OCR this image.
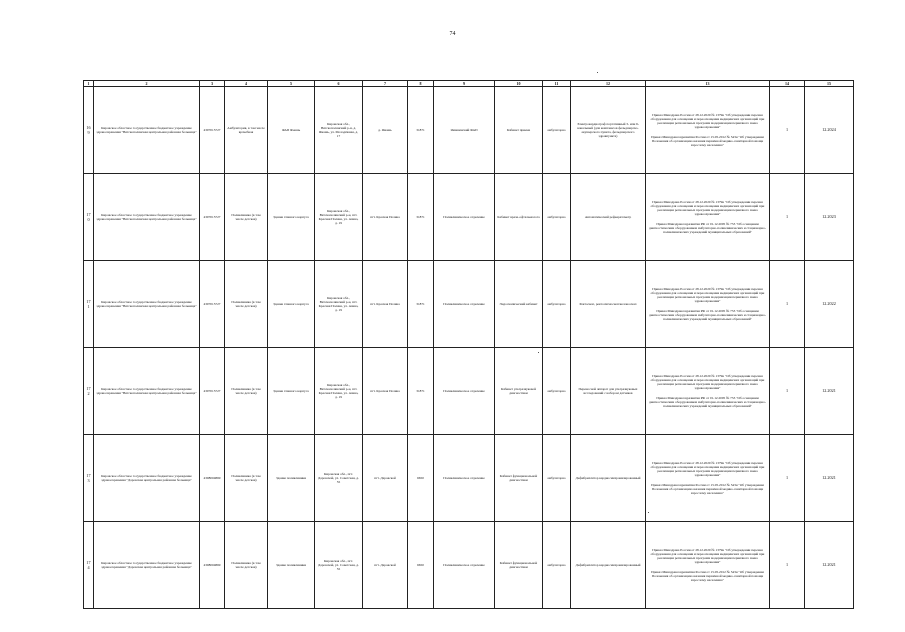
74
1	2	3	4	5	6	7	8	9	10	11	12	13	14	15
169	Кировское областное государственное бюджетное учреждение здравоохранения "Вятскополянская центральная районная больница"	4307015727	Амбулатория, в том числе врачебная	ФАП Ямашь	Кировская обл., Вятскополянский р-н, д. Ямашь, ул. Молодёжная, д. 17	д. Ямашь	31871	Ямашинский ФАП	Кабинет приема	амбулаторно	Электрокардиограф портативный 3- или 6-канальный (для комплексов фельдшерско-акушерского пункта, фельдшерского здравпункта)	Приказ Минздрава России от 28.12.2020 № 1379н "Об утверждении перечня оборудования для оснащения и переоснащения медицинских организаций при реализации региональных программ модернизации первичного звена здравоохранения"
Приказ Минздравсоцразвития России от 15.05.2012 № 543н "Об утверждении Положения об организации оказания первичной медико-санитарной помощи взрослому населению"	1	12.2024
170	Кировское областное государственное бюджетное учреждение здравоохранения "Вятскополянская центральная районная больница"	4307015727	Поликлиника (в том числе детская)	Здание главного корпуса	Кировская обл., Вятскополянский р-н, пгт. Красная Поляна, ул. Азина, д. 19	пгт. Красная Поляна	31871	Поликлиническое отделение	Кабинет врача-офтальмолога	амбулаторно	Автоматический рефкератометр	Приказ Минздрава России от 28.12.2020 № 1379н "Об утверждении перечня оборудования для оснащения и переоснащения медицинских организаций при реализации региональных программ модернизации первичного звена здравоохранения"
Приказ Минздравсоцразвития РФ от 01.12.2005 № 753 "Об оснащении диагностическим оборудованием амбулаторно-поликлинических и стационарно-поликлинических учреждений муниципальных образований"	1	12.2023
171	Кировское областное государственное бюджетное учреждение здравоохранения "Вятскополянская центральная районная больница"	4307015727	Поликлиника (в том числе детская)	Здание главного корпуса	Кировская обл., Вятскополянский р-н, пгт. Красная Поляна, ул. Азина, д. 19	пгт. Красная Поляна	31871	Поликлиническое отделение	Эндоскопический кабинет	амбулаторно	Ректоскоп, ректосигмоскоп/колоноскоп	Приказ Минздрава России от 28.12.2020 № 1379н "Об утверждении перечня оборудования для оснащения и переоснащения медицинских организаций при реализации региональных программ модернизации первичного звена здравоохранения"
Приказ Минздравсоцразвития РФ от 01.12.2005 № 753 "Об оснащении диагностическим оборудованием амбулаторно-поликлинических и стационарно-поликлинических учреждений муниципальных образований"	1	12.2022
172	Кировское областное государственное бюджетное учреждение здравоохранения "Вятскополянская центральная районная больница"	4307015727	Поликлиника (в том числе детская)	Здание главного корпуса	Кировская обл., Вятскополянский р-н, пгт. Красная Поляна, ул. Азина, д. 19	пгт. Красная Поляна	31871	Поликлиническое отделение	Кабинет ультразвуковой диагностики	амбулаторно	Переносной аппарат для ультразвуковых исследований с набором датчиков	Приказ Минздрава России от 28.12.2020 № 1379н "Об утверждении перечня оборудования для оснащения и переоснащения медицинских организаций при реализации региональных программ модернизации первичного звена здравоохранения"
Приказ Минздравсоцразвития РФ от 01.12.2005 № 753 "Об оснащении диагностическим оборудованием амбулаторно-поликлинических и стационарно-поликлинических учреждений муниципальных образований"	1	12.2021
173	Кировское областное государственное бюджетное учреждение здравоохранения "Даровская центральная районная больница"	4308004869	Поликлиника (в том числе детская)	Здание поликлиники	Кировская обл., пгт. Даровской, ул. Советская, д. 55	пгт. Даровской	6650	Поликлиническое отделение	Кабинет функциональной диагностики	амбулаторно	Дефибриллятор кардиосинхронизированный	Приказ Минздрава России от 28.12.2020 № 1379н "Об утверждении перечня оборудования для оснащения и переоснащения медицинских организаций при реализации региональных программ модернизации первичного звена здравоохранения"
Приказ Минздравсоцразвития России от 15.05.2012 № 543н "Об утверждении Положения об организации оказания первичной медико-санитарной помощи взрослому населению"	1	12.2021
174	Кировское областное государственное бюджетное учреждение здравоохранения "Даровская центральная районная больница"	4308004869	Поликлиника (в том числе детская)	Здание поликлиники	Кировская обл., пгт. Даровской, ул. Советская, д. 55	пгт. Даровской	6650	Поликлиническое отделение	Кабинет функциональной диагностики	амбулаторно	Дефибриллятор кардиосинхронизированный	Приказ Минздрава России от 28.12.2020 № 1379н "Об утверждении перечня оборудования для оснащения и переоснащения медицинских организаций при реализации региональных программ модернизации первичного звена здравоохранения"
Приказ Минздравсоцразвития России от 15.05.2012 № 543н "Об утверждении Положения об организации оказания первичной медико-санитарной помощи взрослому населению"	1	12.2021
